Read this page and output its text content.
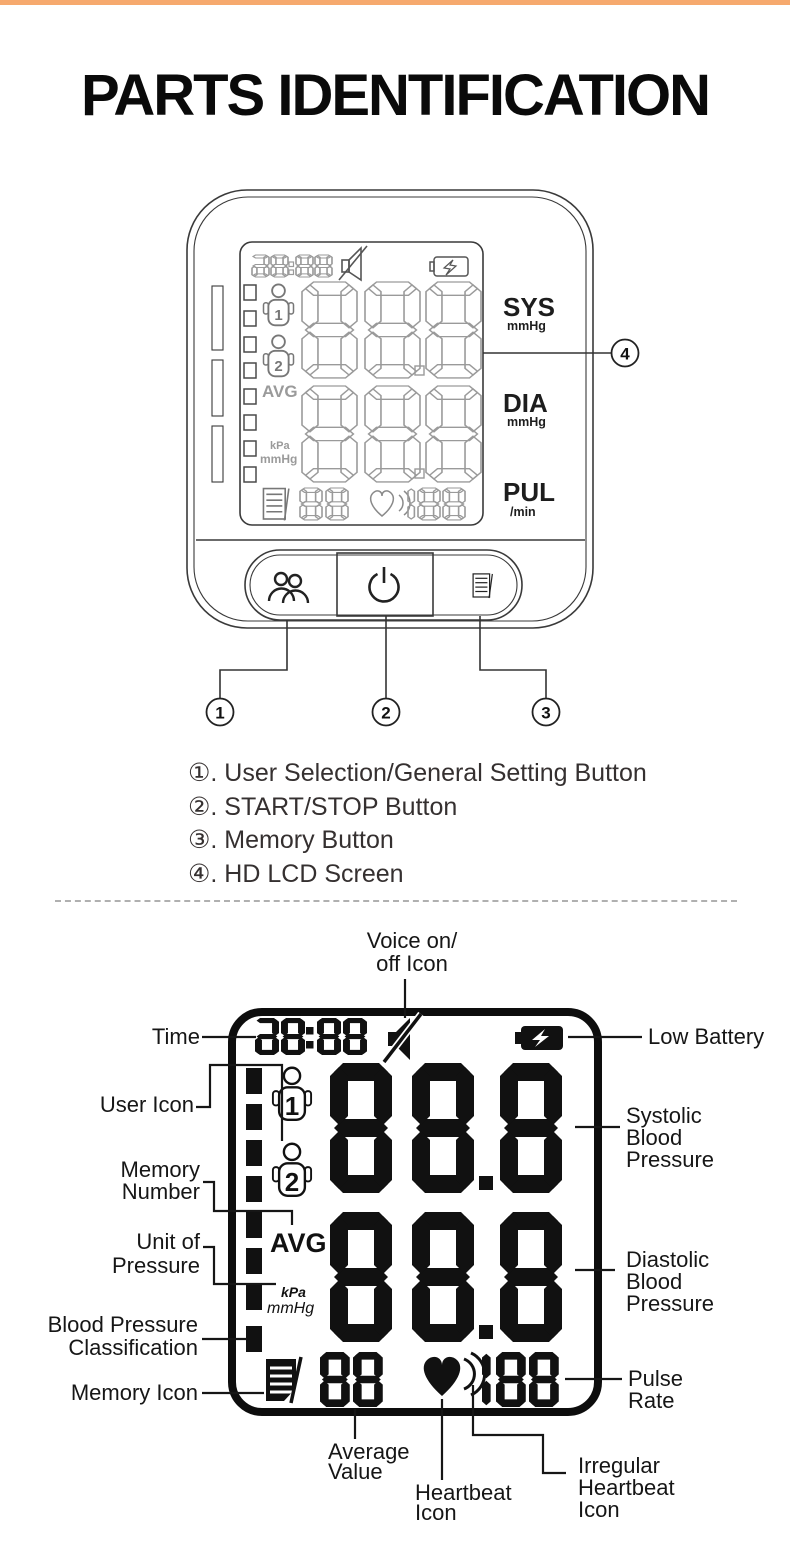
PARTS IDENTIFICATION
1
2
AVG
kPa
mmHg
SYS
mmHg
DIA
mmHg
PUL
/min
4
1	2	3
①. User Selection/General Setting Button
②. START/STOP Button
③. Memory Button
④. HD LCD Screen
1
2
AVG
kPa
mmHg
Voice on/
off Icon
Time	Low Battery
User Icon	Systolic
Blood
Pressure
Memory
Number
Unit of
Pressure	Diastolic
Blood
Pressure
Blood Pressure
Classification
Memory Icon
Pulse
Rate
Average
Value
Heartbeat
Icon
Irregular
Heartbeat
Icon
